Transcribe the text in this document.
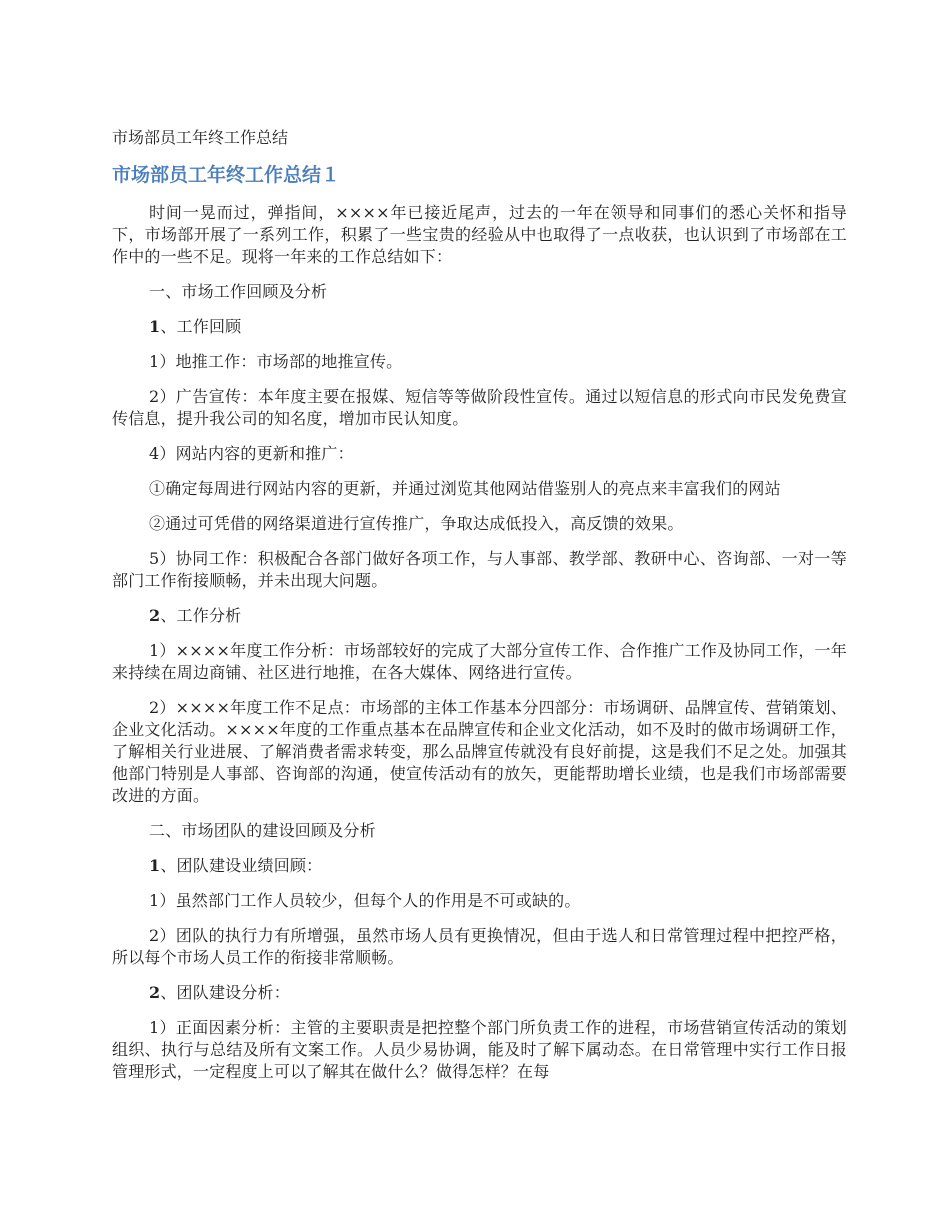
市场部员工年终工作总结
市场部员工年终工作总结１

时间一晃而过，弹指间，××××年已接近尾声，过去的一年在领导和同事们的悉心关怀和指导下，市场部开展了一系列工作，积累了一些宝贵的经验从中也取得了一点收获，也认识到了市场部在工作中的一些不足。现将一年来的工作总结如下：

一、市场工作回顾及分析

1、工作回顾

1）地推工作：市场部的地推宣传。

2）广告宣传：本年度主要在报媒、短信等等做阶段性宣传。通过以短信息的形式向市民发免费宣传信息，提升我公司的知名度，增加市民认知度。

4）网站内容的更新和推广：

①确定每周进行网站内容的更新，并通过浏览其他网站借鉴别人的亮点来丰富我们的网站

②通过可凭借的网络渠道进行宣传推广，争取达成低投入，高反馈的效果。

5）协同工作：积极配合各部门做好各项工作，与人事部、教学部、教研中心、咨询部、一对一等部门工作衔接顺畅，并未出现大问题。

2、工作分析

1）××××年度工作分析：市场部较好的完成了大部分宣传工作、合作推广工作及协同工作，一年来持续在周边商铺、社区进行地推，在各大媒体、网络进行宣传。

2）××××年度工作不足点：市场部的主体工作基本分四部分：市场调研、品牌宣传、营销策划、企业文化活动。××××年度的工作重点基本在品牌宣传和企业文化活动，如不及时的做市场调研工作，了解相关行业进展、了解消费者需求转变，那么品牌宣传就没有良好前提，这是我们不足之处。加强其他部门特别是人事部、咨询部的沟通，使宣传活动有的放矢，更能帮助增长业绩，也是我们市场部需要改进的方面。

二、市场团队的建设回顾及分析

1、团队建设业绩回顾：

1）虽然部门工作人员较少，但每个人的作用是不可或缺的。

2）团队的执行力有所增强，虽然市场人员有更换情况，但由于选人和日常管理过程中把控严格，所以每个市场人员工作的衔接非常顺畅。

2、团队建设分析：

1）正面因素分析：主管的主要职责是把控整个部门所负责工作的进程，市场营销宣传活动的策划组织、执行与总结及所有文案工作。人员少易协调，能及时了解下属动态。在日常管理中实行工作日报管理形式，一定程度上可以了解其在做什么？做得怎样？在每
